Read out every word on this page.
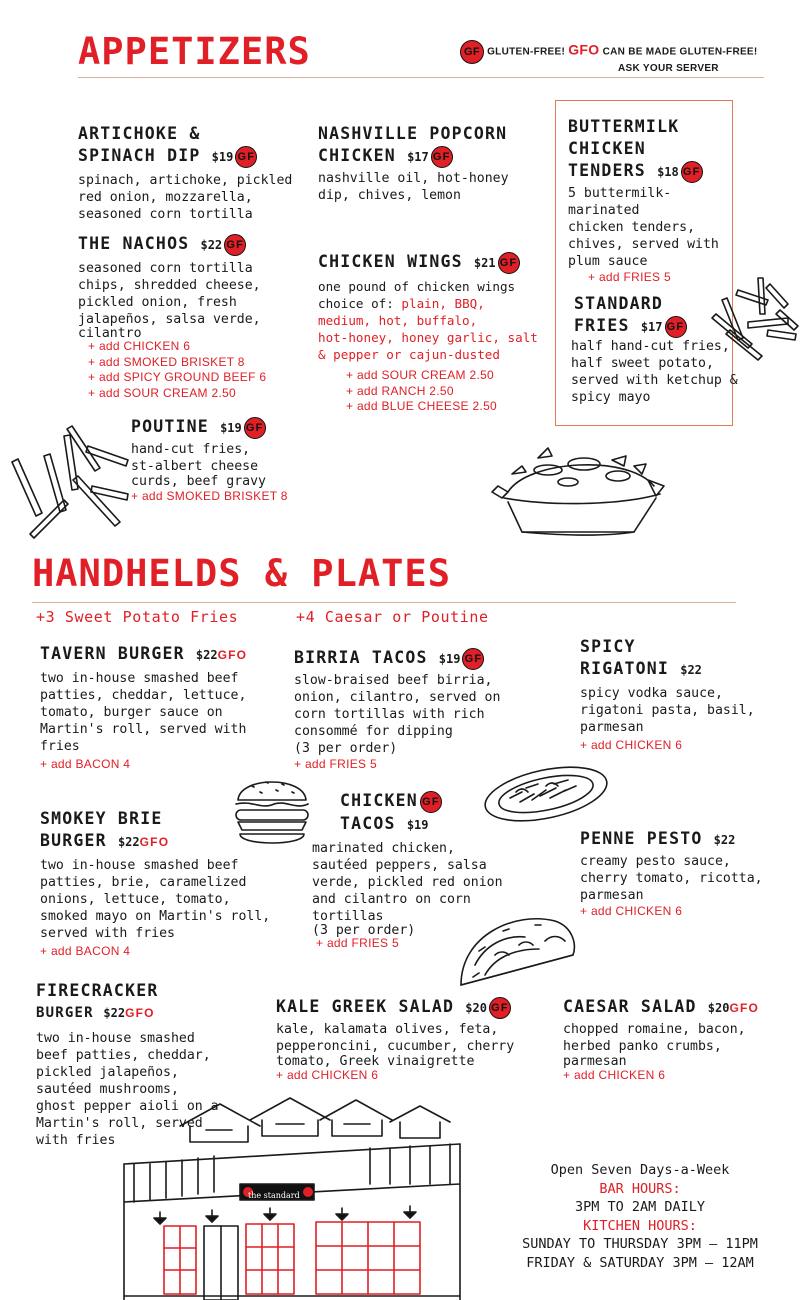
APPETIZERS	GF GLUTEN-FREE! GFO CAN BE MADE GLUTEN-FREE!
ASK YOUR SERVER
ARTICHOKE &
SPINACH DIP $19 GF
spinach, artichoke, pickled
red onion, mozzarella,
seasoned corn tortilla
THE NACHOS $22 GF
seasoned corn tortilla
chips, shredded cheese,
pickled onion, fresh
jalapeños, salsa verde,
cilantro
+ add CHICKEN 6
+ add SMOKED BRISKET 8
+ add SPICY GROUND BEEF 6
+ add SOUR CREAM 2.50
POUTINE $19 GF
hand-cut fries,
st-albert cheese
curds, beef gravy
+ add SMOKED BRISKET 8
NASHVILLE POPCORN
CHICKEN $17 GF
nashville oil, hot-honey
dip, chives, lemon
CHICKEN WINGS $21 GF
one pound of chicken wings
choice of: plain, BBQ,
medium, hot, buffalo,
hot-honey, honey garlic, salt
& pepper or cajun-dusted
+ add SOUR CREAM 2.50
+ add RANCH 2.50
+ add BLUE CHEESE 2.50
BUTTERMILK
CHICKEN
TENDERS $18 GF
5 buttermilk-marinated
chicken tenders,
chives, served with
plum sauce
+ add FRIES 5
STANDARD
FRIES $17 GF
half hand-cut fries,
half sweet potato,
served with ketchup &
spicy mayo
HANDHELDS & PLATES
+3 Sweet Potato Fries	+4 Caesar or Poutine
TAVERN BURGER $22GFO
two in-house smashed beef
patties, cheddar, lettuce,
tomato, burger sauce on
Martin's roll, served with
fries
+ add BACON 4
SMOKEY BRIE
BURGER $22GFO
two in-house smashed beef
patties, brie, caramelized
onions, lettuce, tomato,
smoked mayo on Martin's roll,
served with fries
+ add BACON 4
FIRECRACKER
BURGER $22GFO
two in-house smashed
beef patties, cheddar,
pickled jalapeños,
sautéed mushrooms,
ghost pepper aioli on a
Martin's roll, served
with fries
BIRRIA TACOS $19 GF
slow-braised beef birria,
onion, cilantro, served on
corn tortillas with rich
consommé for dipping
(3 per order)
+ add FRIES 5
CHICKEN GF
TACOS $19
marinated chicken,
sautéed peppers, salsa
verde, pickled red onion
and cilantro on corn
tortillas
(3 per order)
+ add FRIES 5
KALE GREEK SALAD $20 GF
kale, kalamata olives, feta,
pepperoncini, cucumber, cherry
tomato, Greek vinaigrette
+ add CHICKEN 6
SPICY
RIGATONI $22
spicy vodka sauce,
rigatoni pasta, basil,
parmesan
+ add CHICKEN 6
PENNE PESTO $22
creamy pesto sauce,
cherry tomato, ricotta,
parmesan
+ add CHICKEN 6
CAESAR SALAD $20GFO
chopped romaine, bacon,
herbed panko crumbs,
parmesan
+ add CHICKEN 6
the standard
Open Seven Days-a-Week
BAR HOURS:
3PM TO 2AM DAILY
KITCHEN HOURS:
SUNDAY TO THURSDAY 3PM – 11PM
FRIDAY & SATURDAY 3PM – 12AM
